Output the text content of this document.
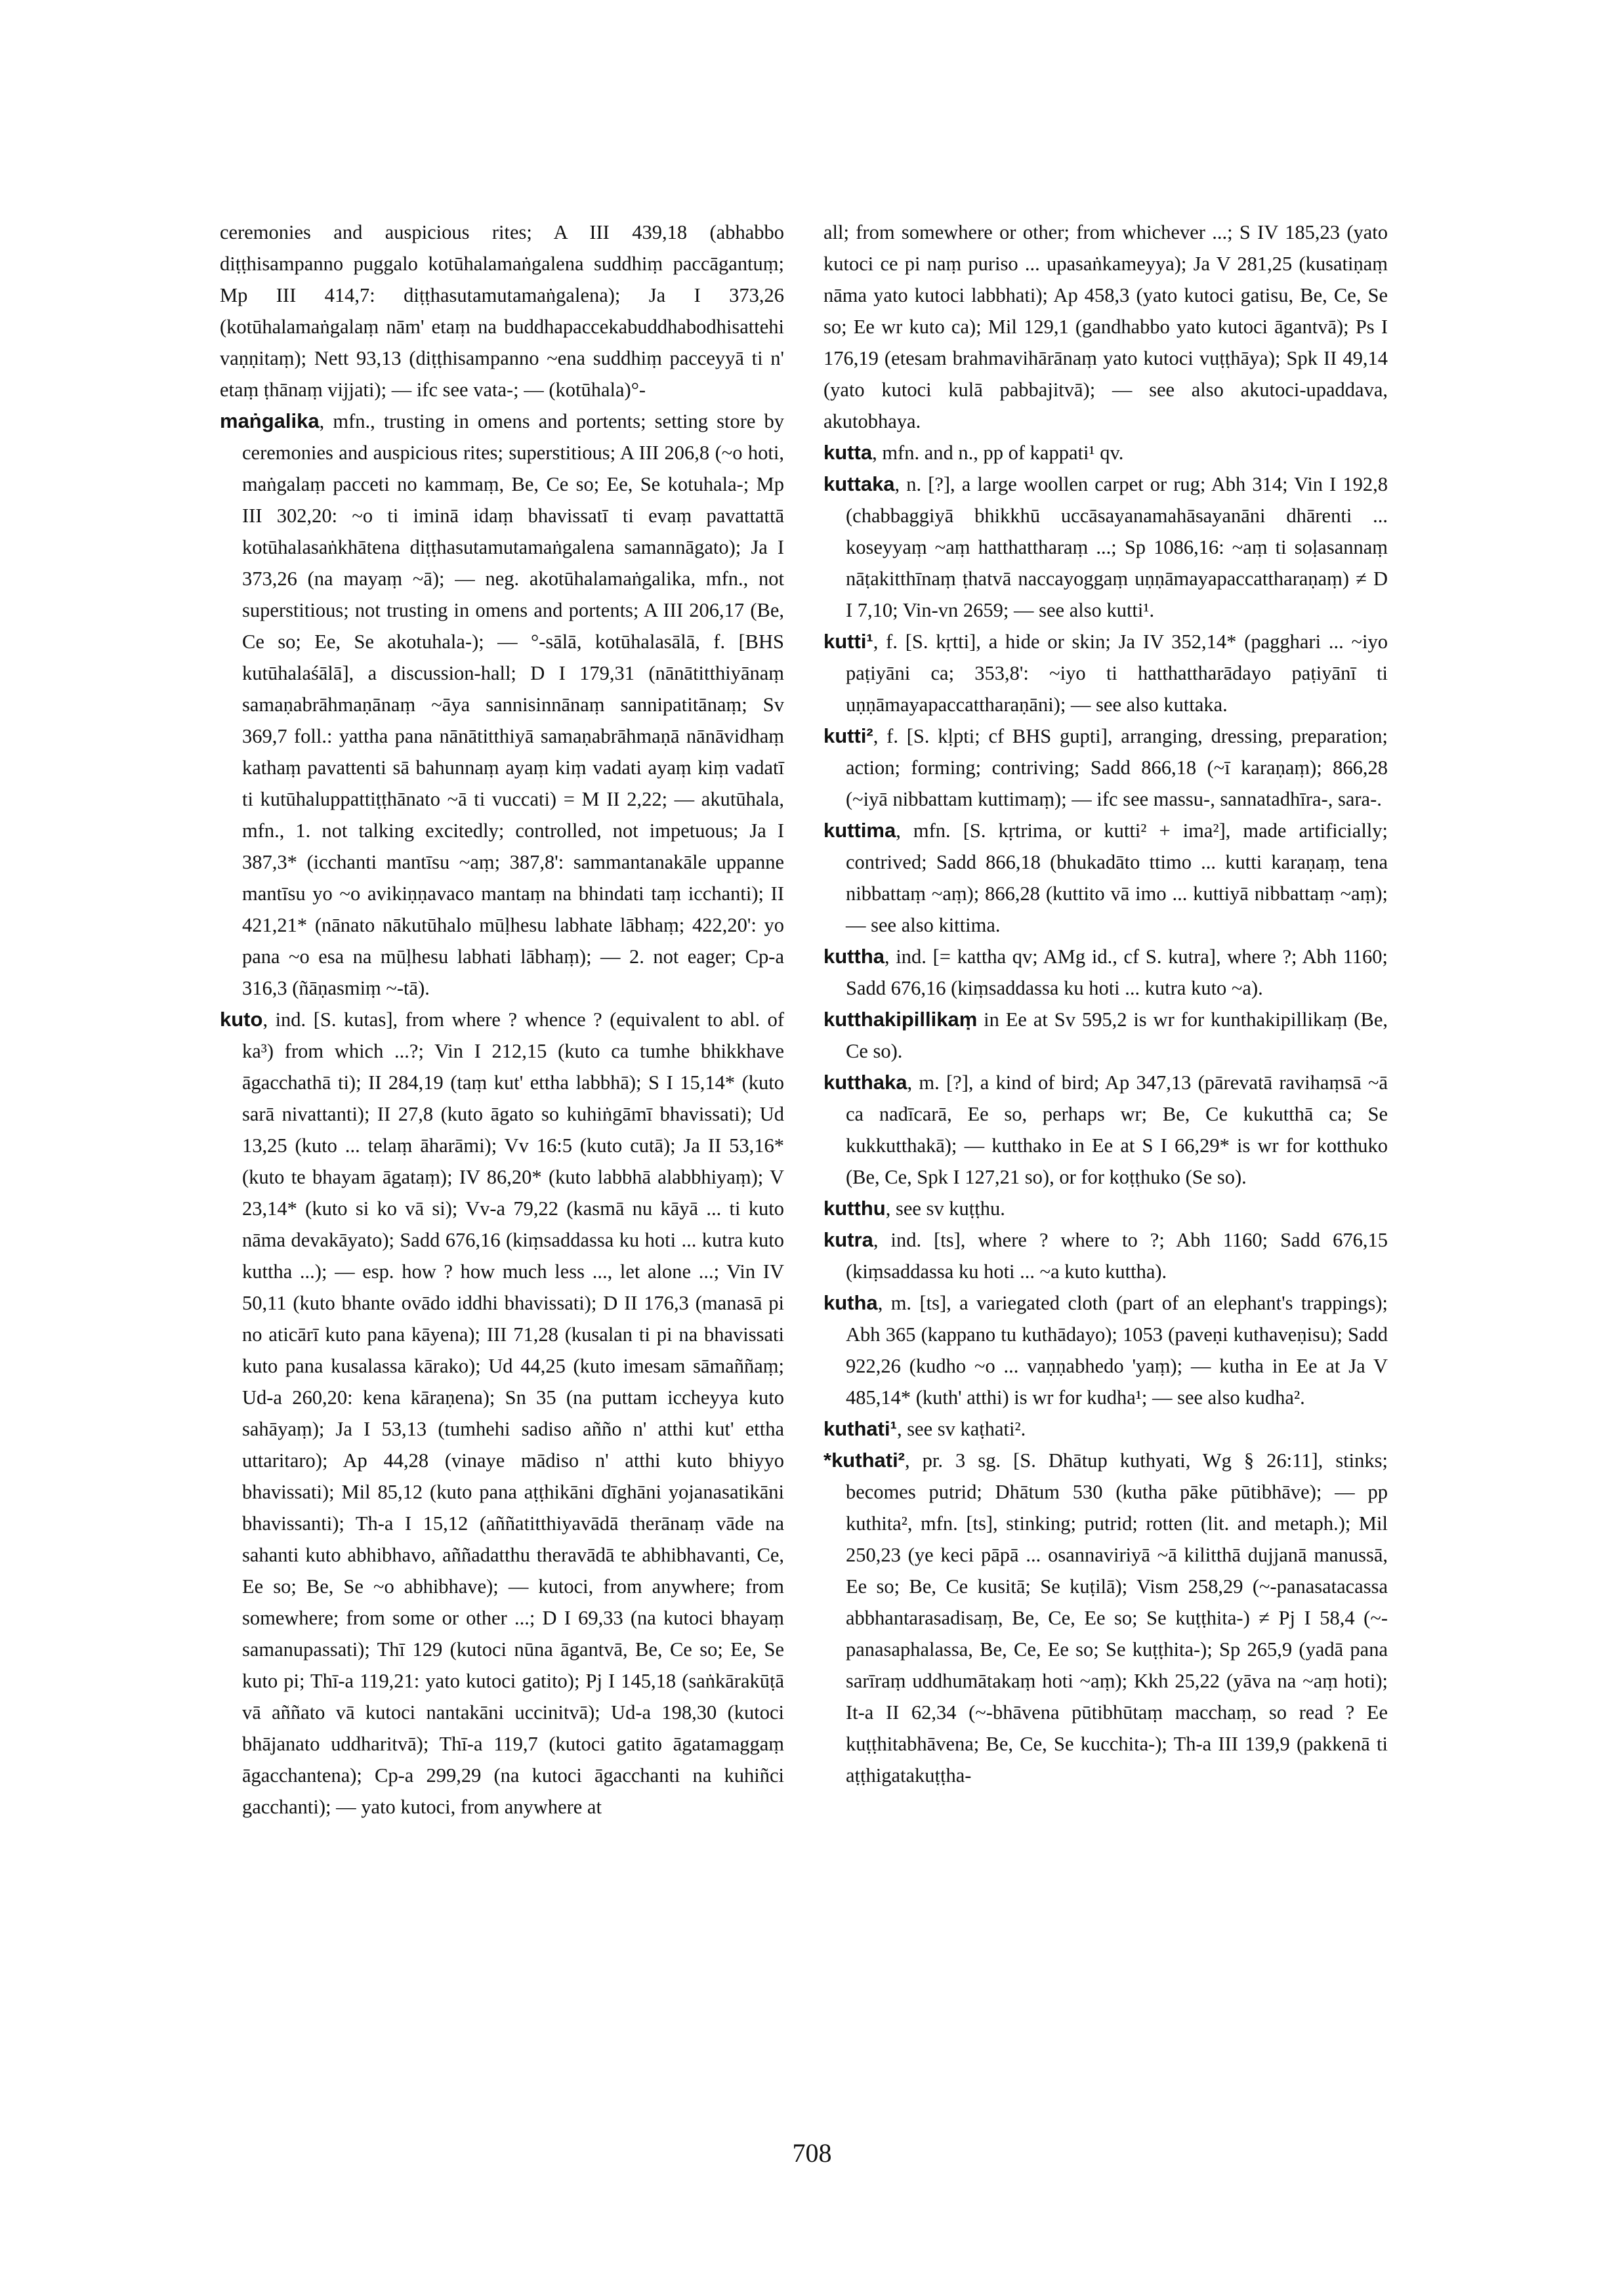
ceremonies and auspicious rites; A III 439,18 (abhabbo diṭṭhisampanno puggalo kotūhalamaṅgalena suddhiṃ paccāgantuṃ; Mp III 414,7: diṭṭhasutamutamaṅgalena); Ja I 373,26 (kotūhalamaṅgalaṃ nām' etaṃ na buddhapaccekabuddhabodhisattehi vaṇṇitaṃ); Nett 93,13 (diṭṭhisampanno ~ena suddhiṃ pacceyyā ti n' etaṃ ṭhānaṃ vijjati); — ifc see vata-; — (kotūhala)°-

maṅgalika, mfn., trusting in omens and portents; setting store by ceremonies and auspicious rites; superstitious; A III 206,8 (~o hoti, maṅgalaṃ pacceti no kammaṃ, Be, Ce so; Ee, Se kotuhala-; Mp III 302,20: ~o ti iminā idaṃ bhavissatī ti evaṃ pavattattā kotūhalasaṅkhātena diṭṭhasutamutamaṅgalena samannāgato); Ja I 373,26 (na mayaṃ ~ā); — neg. akotūhalamaṅgalika, mfn., not superstitious; not trusting in omens and portents; A III 206,17 (Be, Ce so; Ee, Se akotuhala-); — °-sālā, kotūhalasālā, f. [BHS kutūhalaśālā], a discussion-hall; D I 179,31 (nānātitthiyānaṃ samaṇabrāhmaṇānaṃ ~āya sannisinnānaṃ sannipatitānaṃ; Sv 369,7 foll.: yattha pana nānātitthiyā samaṇabrāhmaṇā nānāvidhaṃ kathaṃ pavattenti sā bahunnaṃ ayaṃ kiṃ vadati ayaṃ kiṃ vadatī ti kutūhaluppattiṭṭhānato ~ā ti vuccati) = M II 2,22; — akutūhala, mfn., 1. not talking excitedly; controlled, not impetuous; Ja I 387,3* (icchanti mantīsu ~aṃ; 387,8': sammantanakāle uppanne mantīsu yo ~o avikiṇṇavaco mantaṃ na bhindati taṃ icchanti); II 421,21* (nānato nākutūhalo mūḷhesu labhate lābhaṃ; 422,20': yo pana ~o esa na mūḷhesu labhati lābhaṃ); — 2. not eager; Cp-a 316,3 (ñāṇasmiṃ ~-tā).

kuto, ind. [S. kutas], from where ? whence ? (equivalent to abl. of ka³) from which ...?; Vin I 212,15 (kuto ca tumhe bhikkhave āgacchathā ti); II 284,19 (taṃ kut' ettha labbhā); S I 15,14* (kuto sarā nivattanti); II 27,8 (kuto āgato so kuhiṅgāmī bhavissati); Ud 13,25 (kuto ... telaṃ āharāmi); Vv 16:5 (kuto cutā); Ja II 53,16* (kuto te bhayam āgataṃ); IV 86,20* (kuto labbhā alabbhiyaṃ); V 23,14* (kuto si ko vā si); Vv-a 79,22 (kasmā nu kāyā ... ti kuto nāma devakāyato); Sadd 676,16 (kiṃsaddassa ku hoti ... kutra kuto kuttha ...); — esp. how ? how much less ..., let alone ...; Vin IV 50,11 (kuto bhante ovādo iddhi bhavissati); D II 176,3 (manasā pi no aticārī kuto pana kāyena); III 71,28 (kusalan ti pi na bhavissati kuto pana kusalassa kārako); Ud 44,25 (kuto imesam sāmaññaṃ; Ud-a 260,20: kena kāraṇena); Sn 35 (na puttam iccheyya kuto sahāyaṃ); Ja I 53,13 (tumhehi sadiso añño n' atthi kut' ettha uttaritaro); Ap 44,28 (vinaye mādiso n' atthi kuto bhiyyo bhavissati); Mil 85,12 (kuto pana aṭṭhikāni dīghāni yojanasatikāni bhavissanti); Th-a I 15,12 (aññatitthiyavādā therānaṃ vāde na sahanti kuto abhibhavo, aññadatthu theravādā te abhibhavanti, Ce, Ee so; Be, Se ~o abhibhave); — kutoci, from anywhere; from somewhere; from some or other ...; D I 69,33 (na kutoci bhayaṃ samanupassati); Thī 129 (kutoci nūna āgantvā, Be, Ce so; Ee, Se kuto pi; Thī-a 119,21: yato kutoci gatito); Pj I 145,18 (saṅkārakūṭā vā aññato vā kutoci nantakāni uccinitvā); Ud-a 198,30 (kutoci bhājanato uddharitvā); Thī-a 119,7 (kutoci gatito āgatamaggaṃ āgacchantena); Cp-a 299,29 (na kutoci āgacchanti na kuhiñci gacchanti); — yato kutoci, from anywhere at

all; from somewhere or other; from whichever ...; S IV 185,23 (yato kutoci ce pi naṃ puriso ... upasaṅkameyya); Ja V 281,25 (kusatiṇaṃ nāma yato kutoci labbhati); Ap 458,3 (yato kutoci gatisu, Be, Ce, Se so; Ee wr kuto ca); Mil 129,1 (gandhabbo yato kutoci āgantvā); Ps I 176,19 (etesam brahmavihārānaṃ yato kutoci vuṭṭhāya); Spk II 49,14 (yato kutoci kulā pabbajitvā); — see also akutoci-upaddava, akutobhaya.

kutta, mfn. and n., pp of kappati¹ qv.

kuttaka, n. [?], a large woollen carpet or rug; Abh 314; Vin I 192,8 (chabbaggiyā bhikkhū uccāsayanamahāsayanāni dhārenti ... koseyyaṃ ~aṃ hatthattharaṃ ...; Sp 1086,16: ~aṃ ti soḷasannaṃ nāṭakitthīnaṃ ṭhatvā naccayoggaṃ uṇṇāmayapaccattharaṇaṃ) ≠ D I 7,10; Vin-vn 2659; — see also kutti¹.

kutti¹, f. [S. kṛtti], a hide or skin; Ja IV 352,14* (pagghari ... ~iyo paṭiyāni ca; 353,8': ~iyo ti hatthattharādayo paṭiyānī ti uṇṇāmayapaccattharaṇāni); — see also kuttaka.

kutti², f. [S. kḷpti; cf BHS gupti], arranging, dressing, preparation; action; forming; contriving; Sadd 866,18 (~ī karaṇaṃ); 866,28 (~iyā nibbattam kuttimaṃ); — ifc see massu-, sannatadhīra-, sara-.

kuttima, mfn. [S. kṛtrima, or kutti² + ima²], made artificially; contrived; Sadd 866,18 (bhukadāto ttimo ... kutti karaṇaṃ, tena nibbattaṃ ~aṃ); 866,28 (kuttito vā imo ... kuttiyā nibbattaṃ ~aṃ); — see also kittima.

kuttha, ind. [= kattha qv; AMg id., cf S. kutra], where ?; Abh 1160; Sadd 676,16 (kiṃsaddassa ku hoti ... kutra kuto ~a).

kutthakipillikaṃ in Ee at Sv 595,2 is wr for kunthakipillikaṃ (Be, Ce so).

kutthaka, m. [?], a kind of bird; Ap 347,13 (pārevatā ravihaṃsā ~ā ca nadīcarā, Ee so, perhaps wr; Be, Ce kukutthā ca; Se kukkutthakā); — kutthako in Ee at S I 66,29* is wr for kotthuko (Be, Ce, Spk I 127,21 so), or for koṭṭhuko (Se so).

kutthu, see sv kuṭṭhu.

kutra, ind. [ts], where ? where to ?; Abh 1160; Sadd 676,15 (kiṃsaddassa ku hoti ... ~a kuto kuttha).

kutha, m. [ts], a variegated cloth (part of an elephant's trappings); Abh 365 (kappano tu kuthādayo); 1053 (paveṇi kuthaveṇisu); Sadd 922,26 (kudho ~o ... vaṇṇabhedo 'yaṃ); — kutha in Ee at Ja V 485,14* (kuth' atthi) is wr for kudha¹; — see also kudha².

kuthati¹, see sv kaṭhati².

*kuthati², pr. 3 sg. [S. Dhātup kuthyati, Wg § 26:11], stinks; becomes putrid; Dhātum 530 (kutha pāke pūtibhāve); — pp kuthita², mfn. [ts], stinking; putrid; rotten (lit. and metaph.); Mil 250,23 (ye keci pāpā ... osannaviriyā ~ā kilitthā dujjanā manussā, Ee so; Be, Ce kusitā; Se kuṭilā); Vism 258,29 (~-panasatacassa abbhantarasadisaṃ, Be, Ce, Ee so; Se kuṭṭhita-) ≠ Pj I 58,4 (~-panasaphalassa, Be, Ce, Ee so; Se kuṭṭhita-); Sp 265,9 (yadā pana sarīraṃ uddhumātakaṃ hoti ~aṃ); Kkh 25,22 (yāva na ~aṃ hoti); It-a II 62,34 (~-bhāvena pūtibhūtaṃ macchaṃ, so read ? Ee kuṭṭhitabhāvena; Be, Ce, Se kucchita-); Th-a III 139,9 (pakkenā ti aṭṭhigatakuṭṭha-

708
